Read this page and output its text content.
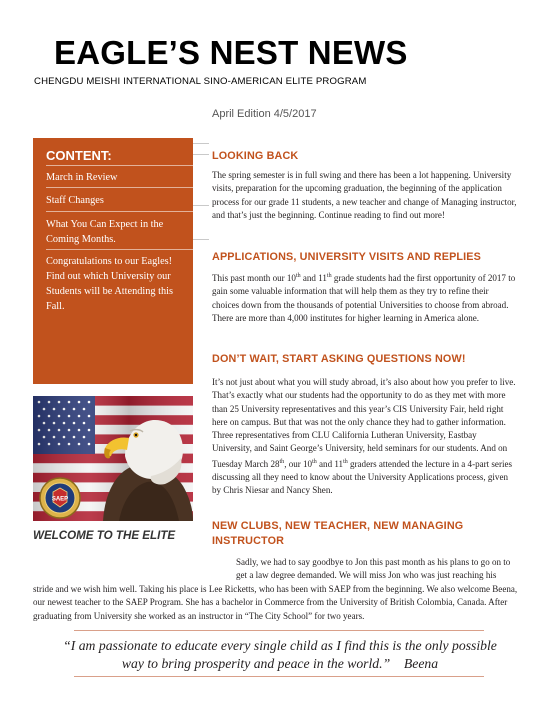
EAGLE’S NEST NEWS
CHENGDU MEISHI INTERNATIONAL SINO-AMERICAN ELITE PROGRAM
April Edition 4/5/2017
CONTENT:
March in Review
Staff Changes
What You Can Expect in the Coming Months.
Congratulations to our Eagles!
Find out which University our Students will be Attending this Fall.
SAEP
WELCOME TO THE ELITE
LOOKING BACK
The spring semester is in full swing and there has been a lot happening. University visits, preparation for the upcoming graduation, the beginning of the application process for our grade 11 students, a new teacher and change of Managing instructor, and that’s just the beginning. Continue reading to find out more!
APPLICATIONS, UNIVERSITY VISITS AND REPLIES
This past month our 10th and 11th grade students had the first opportunity of 2017 to gain some valuable information that will help them as they try to refine their choices down from the thousands of potential Universities to choose from abroad. There are more than 4,000 institutes for higher learning in America alone.
DON’T WAIT, START ASKING QUESTIONS NOW!
It’s not just about what you will study abroad, it’s also about how you prefer to live. That’s exactly what our students had the opportunity to do as they met with more than 25 University representatives and this year’s CIS University Fair, held right here on campus. But that was not the only chance they had to gather information. Three representatives from CLU California Lutheran University, Eastbay University, and Saint George’s University, held seminars for our students. And on Tuesday March 28th, our 10th and 11th graders attended the lecture in a 4-part series discussing all they need to know about the University Applications process, given by Chris Niesar and Nancy Shen.
NEW CLUBS, NEW TEACHER, NEW MANAGING INSTRUCTOR
Sadly, we had to say goodbye to Jon this past month as his plans to go on to get a law degree demanded. We will miss Jon who was just reaching his
stride and we wish him well. Taking his place is Lee Ricketts, who has been with SAEP from the beginning. We also welcome Beena, our newest teacher to the SAEP Program. She has a bachelor in Commerce from the University of British Colombia, Canada. After graduating from University she worked as an instructor in “The City School” for two years.
“I am passionate to educate every single child as I find this is the only possible way to bring prosperity and peace in the world.” Beena
